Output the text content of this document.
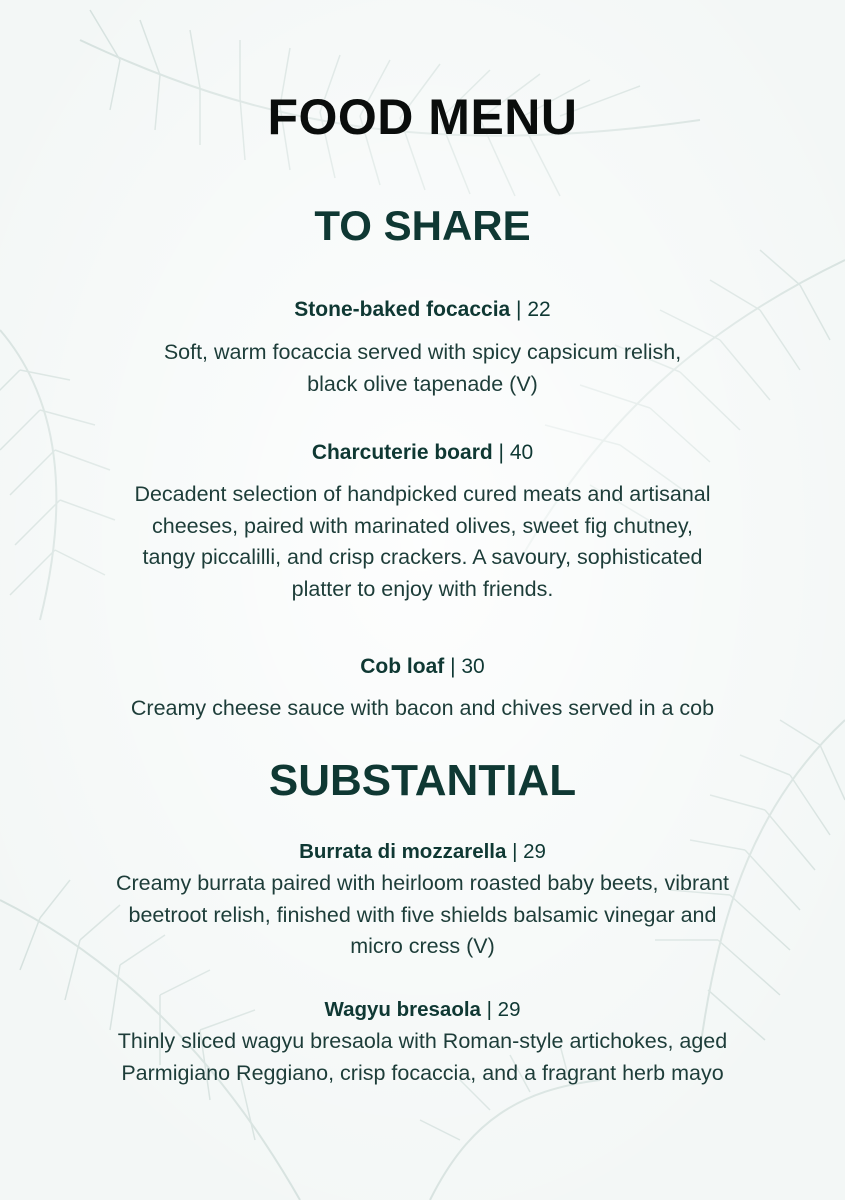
FOOD MENU
TO SHARE
Stone-baked focaccia | 22
Soft, warm focaccia served with spicy capsicum relish,
black olive tapenade (V)
Charcuterie board | 40
Decadent selection of handpicked cured meats and artisanal
cheeses, paired with marinated olives, sweet fig chutney,
tangy piccalilli, and crisp crackers. A savoury, sophisticated
platter to enjoy with friends.
Cob loaf | 30
Creamy cheese sauce with bacon and chives served in a cob
SUBSTANTIAL
Burrata di mozzarella | 29
Creamy burrata paired with heirloom roasted baby beets, vibrant
beetroot relish, finished with five shields balsamic vinegar and
micro cress (V)
Wagyu bresaola | 29
Thinly sliced wagyu bresaola with Roman-style artichokes, aged
Parmigiano Reggiano, crisp focaccia, and a fragrant herb mayo
